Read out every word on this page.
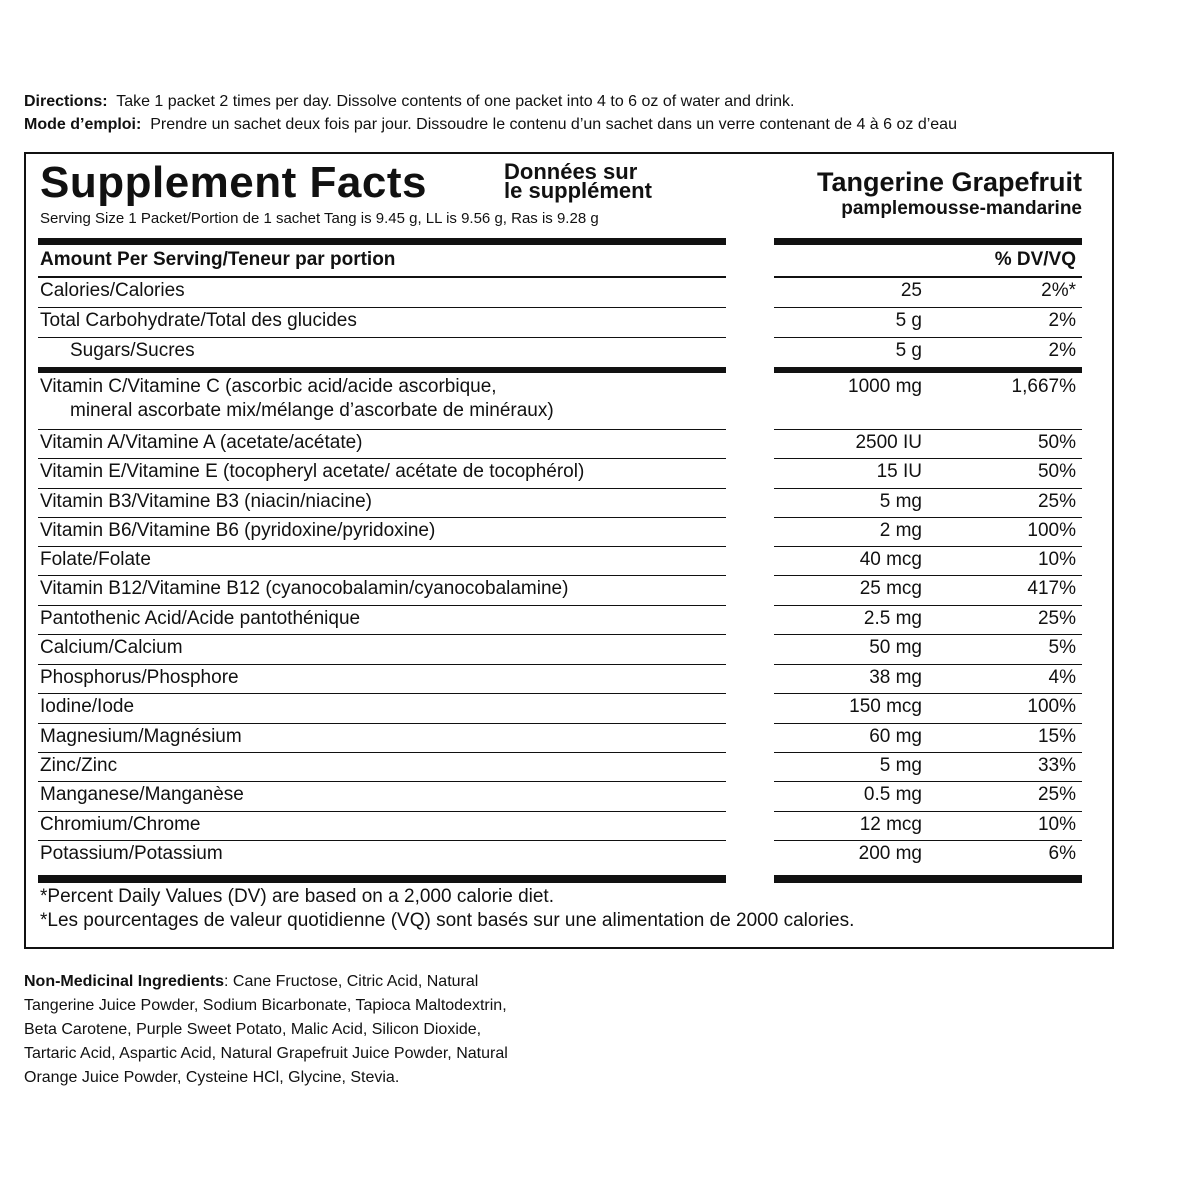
Directions: Take 1 packet 2 times per day. Dissolve contents of one packet into 4 to 6 oz of water and drink.
Mode d’emploi: Prendre un sachet deux fois par jour. Dissoudre le contenu d’un sachet dans un verre contenant de 4 à 6 oz d’eau
Supplement Facts	Données sur
le supplément
Serving Size 1 Packet/Portion de 1 sachet Tang is 9.45 g, LL is 9.56 g, Ras is 9.28 g
Tangerine Grapefruit
pamplemousse-mandarine
Amount Per Serving/Teneur par portion	% DV/VQ
Calories/Calories	25	2%*
Total Carbohydrate/Total des glucides	5 g	2%
Sugars/Sucres	5 g	2%
Vitamin C/Vitamine C (ascorbic acid/acide ascorbique,
mineral ascorbate mix/mélange d’ascorbate de minéraux)
1000 mg	1,667%
Vitamin A/Vitamine A (acetate/acétate)	2500 IU	50%
Vitamin E/Vitamine E (tocopheryl acetate/ acétate de tocophérol)	15 IU	50%
Vitamin B3/Vitamine B3 (niacin/niacine)	5 mg	25%
Vitamin B6/Vitamine B6 (pyridoxine/pyridoxine)	2 mg	100%
Folate/Folate	40 mcg	10%
Vitamin B12/Vitamine B12 (cyanocobalamin/cyanocobalamine)	25 mcg	417%
Pantothenic Acid/Acide pantothénique	2.5 mg	25%
Calcium/Calcium	50 mg	5%
Phosphorus/Phosphore	38 mg	4%
Iodine/Iode	150 mcg	100%
Magnesium/Magnésium	60 mg	15%
Zinc/Zinc	5 mg	33%
Manganese/Manganèse	0.5 mg	25%
Chromium/Chrome	12 mcg	10%
Potassium/Potassium	200 mg	6%
*Percent Daily Values (DV) are based on a 2,000 calorie diet.
*Les pourcentages de valeur quotidienne (VQ) sont basés sur une alimentation de 2000 calories.
Non-Medicinal Ingredients: Cane Fructose, Citric Acid, Natural Tangerine Juice Powder, Sodium Bicarbonate, Tapioca Maltodextrin, Beta Carotene, Purple Sweet Potato, Malic Acid, Silicon Dioxide, Tartaric Acid, Aspartic Acid, Natural Grapefruit Juice Powder, Natural Orange Juice Powder, Cysteine HCl, Glycine, Stevia.
